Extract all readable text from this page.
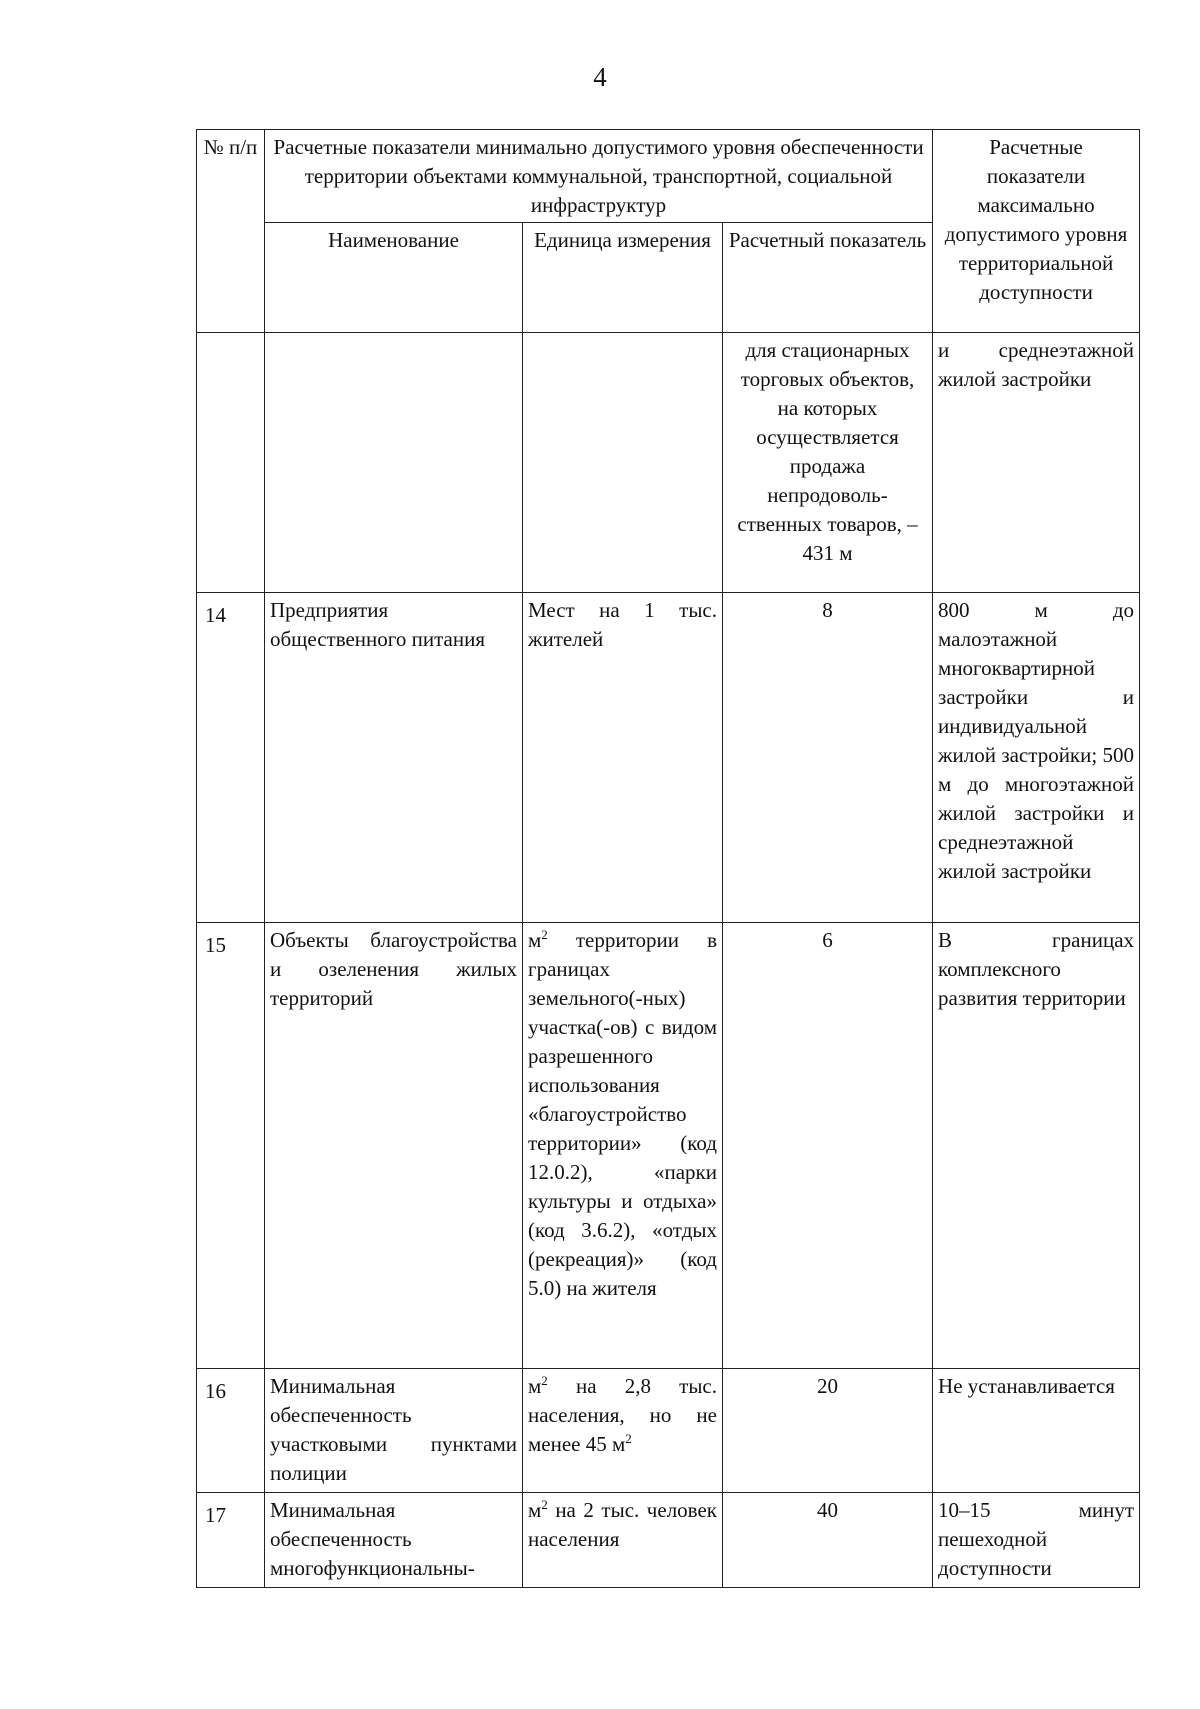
4
№ п/п	Расчетные показатели минимально допустимого уровня обеспеченности территории объектами коммунальной, транспортной, социальной инфраструктур			Расчетные показатели максимально допустимого уровня территориальной доступности
	Наименование	Единица измерения	Расчетный показатель	
			для стационарных торговых объектов, на которых осуществляется продажа непродоволь-ственных товаров, – 431 м	и среднеэтажной жилой застройки
14	Предприятия общественного питания	Мест на 1 тыс. жителей	8	800 м до малоэтажной многоквартирной застройки и индивидуальной жилой застройки; 500 м до многоэтажной жилой застройки и среднеэтажной жилой застройки
15	Объекты благоустройства и озеленения жилых территорий	$м^2$ территории в границах земельного(-ных) участка(-ов) с видом разрешенного использования «благоустройство территории» (код 12.0.2), «парки культуры и отдыха» (код 3.6.2), «отдых (рекреация)» (код 5.0) на жителя	6	В границах комплексного развития территории
16	Минимальная обеспеченность участковыми пунктами полиции	$м^2$ на 2,8 тыс. населения, но не менее 45 $м^2$	20	Не устанавливается
17	Минимальная обеспеченность многофункциональны-	$м^2$ на 2 тыс. человек населения	40	10–15 минут пешеходной доступности
